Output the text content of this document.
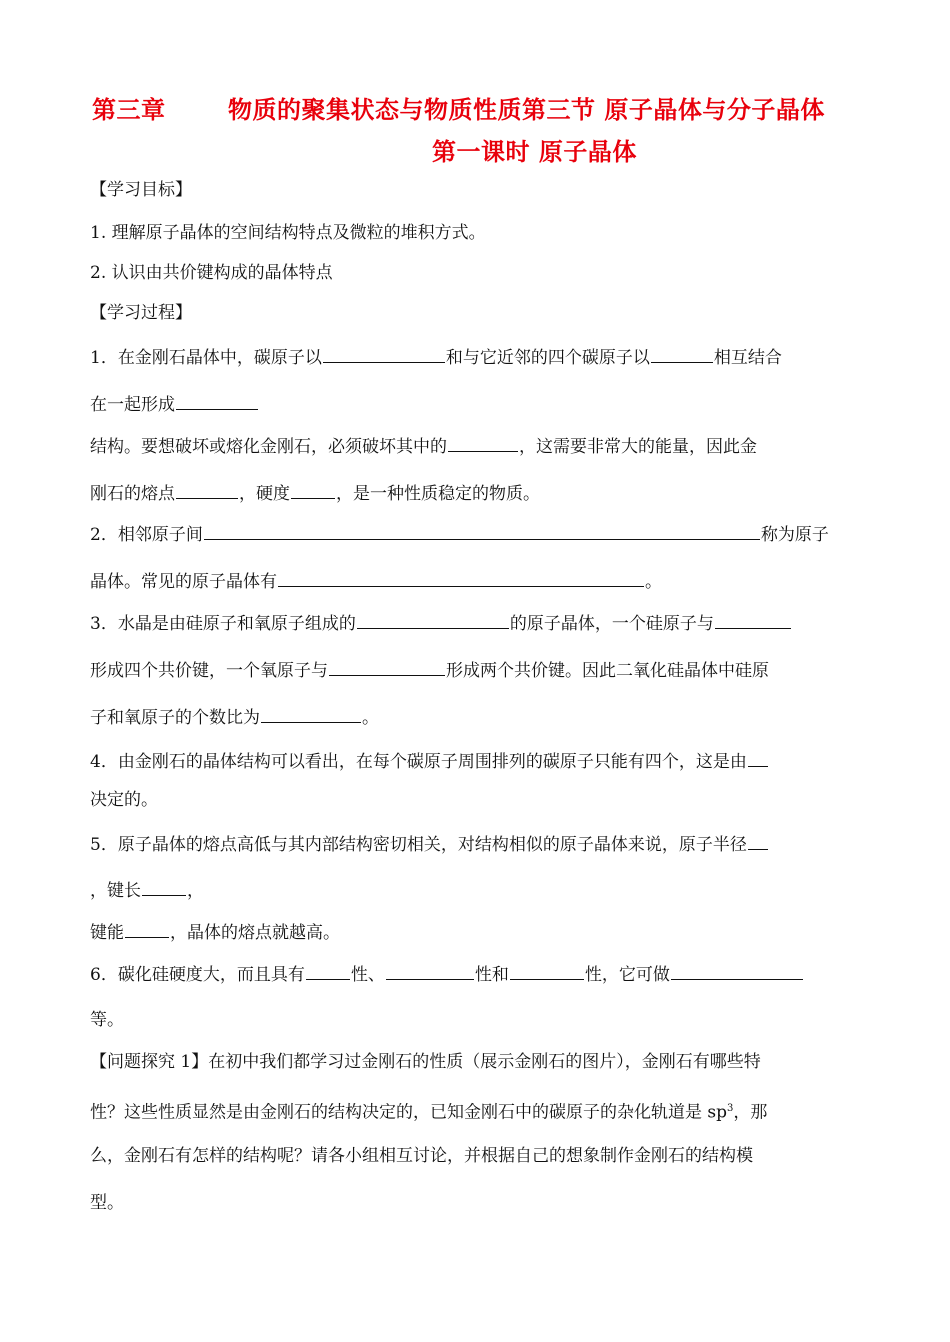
第三章	物质的聚集状态与物质性质第三节 原子晶体与分子晶体
第一课时 原子晶体
【学习目标】
1. 理解原子晶体的空间结构特点及微粒的堆积方式。
2. 认识由共价键构成的晶体特点
【学习过程】
1．在金刚石晶体中，碳原子以	和与它近邻的四个碳原子以	相互结合
在一起形成
结构。要想破坏或熔化金刚石，必须破坏其中的	，这需要非常大的能量，因此金
刚石的熔点	，硬度	，是一种性质稳定的物质。
2．相邻原子间	称为原子
晶体。常见的原子晶体有	。
3．水晶是由硅原子和氧原子组成的	的原子晶体，一个硅原子与
形成四个共价键，一个氧原子与	形成两个共价键。因此二氧化硅晶体中硅原
子和氧原子的个数比为	。
4．由金刚石的晶体结构可以看出，在每个碳原子周围排列的碳原子只能有四个，这是由
决定的。
5．原子晶体的熔点高低与其内部结构密切相关，对结构相似的原子晶体来说，原子半径
，键长	，
键能	，晶体的熔点就越高。
6．碳化硅硬度大，而且具有	性、	性和	性，它可做
等。
【问题探究 1】在初中我们都学习过金刚石的性质（展示金刚石的图片），金刚石有哪些特
性？这些性质显然是由金刚石的结构决定的，已知金刚石中的碳原子的杂化轨道是 $sp^3$，那
么，金刚石有怎样的结构呢？请各小组相互讨论，并根据自己的想象制作金刚石的结构模
型。
